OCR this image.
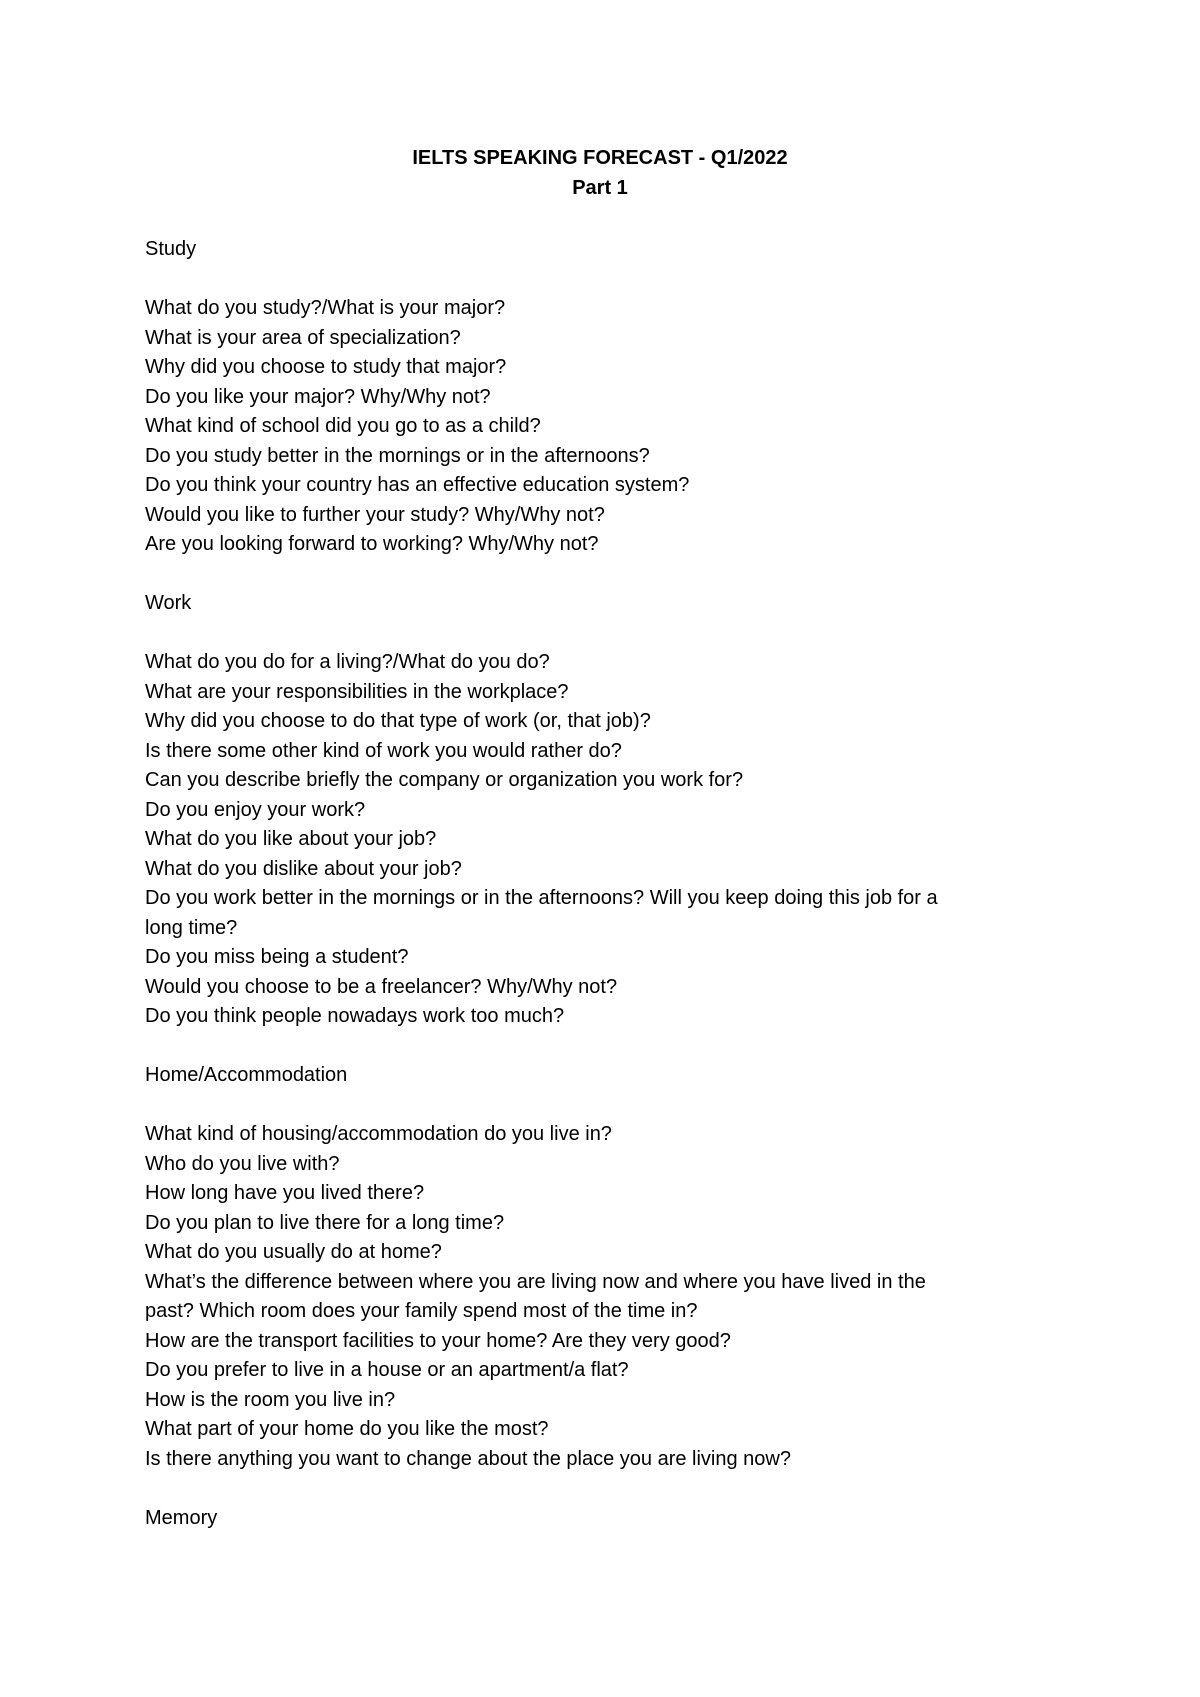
IELTS SPEAKING FORECAST - Q1/2022
Part 1

Study

What do you study?/What is your major?
What is your area of specialization?
Why did you choose to study that major?
Do you like your major? Why/Why not?
What kind of school did you go to as a child?
Do you study better in the mornings or in the afternoons?
Do you think your country has an effective education system?
Would you like to further your study? Why/Why not?
Are you looking forward to working? Why/Why not?

Work

What do you do for a living?/What do you do?
What are your responsibilities in the workplace?
Why did you choose to do that type of work (or, that job)?
Is there some other kind of work you would rather do?
Can you describe briefly the company or organization you work for?
Do you enjoy your work?
What do you like about your job?
What do you dislike about your job?
Do you work better in the mornings or in the afternoons? Will you keep doing this job for a
long time?
Do you miss being a student?
Would you choose to be a freelancer? Why/Why not?
Do you think people nowadays work too much?

Home/Accommodation

What kind of housing/accommodation do you live in?
Who do you live with?
How long have you lived there?
Do you plan to live there for a long time?
What do you usually do at home?
What’s the difference between where you are living now and where you have lived in the
past? Which room does your family spend most of the time in?
How are the transport facilities to your home? Are they very good?
Do you prefer to live in a house or an apartment/a flat?
How is the room you live in?
What part of your home do you like the most?
Is there anything you want to change about the place you are living now?

Memory
